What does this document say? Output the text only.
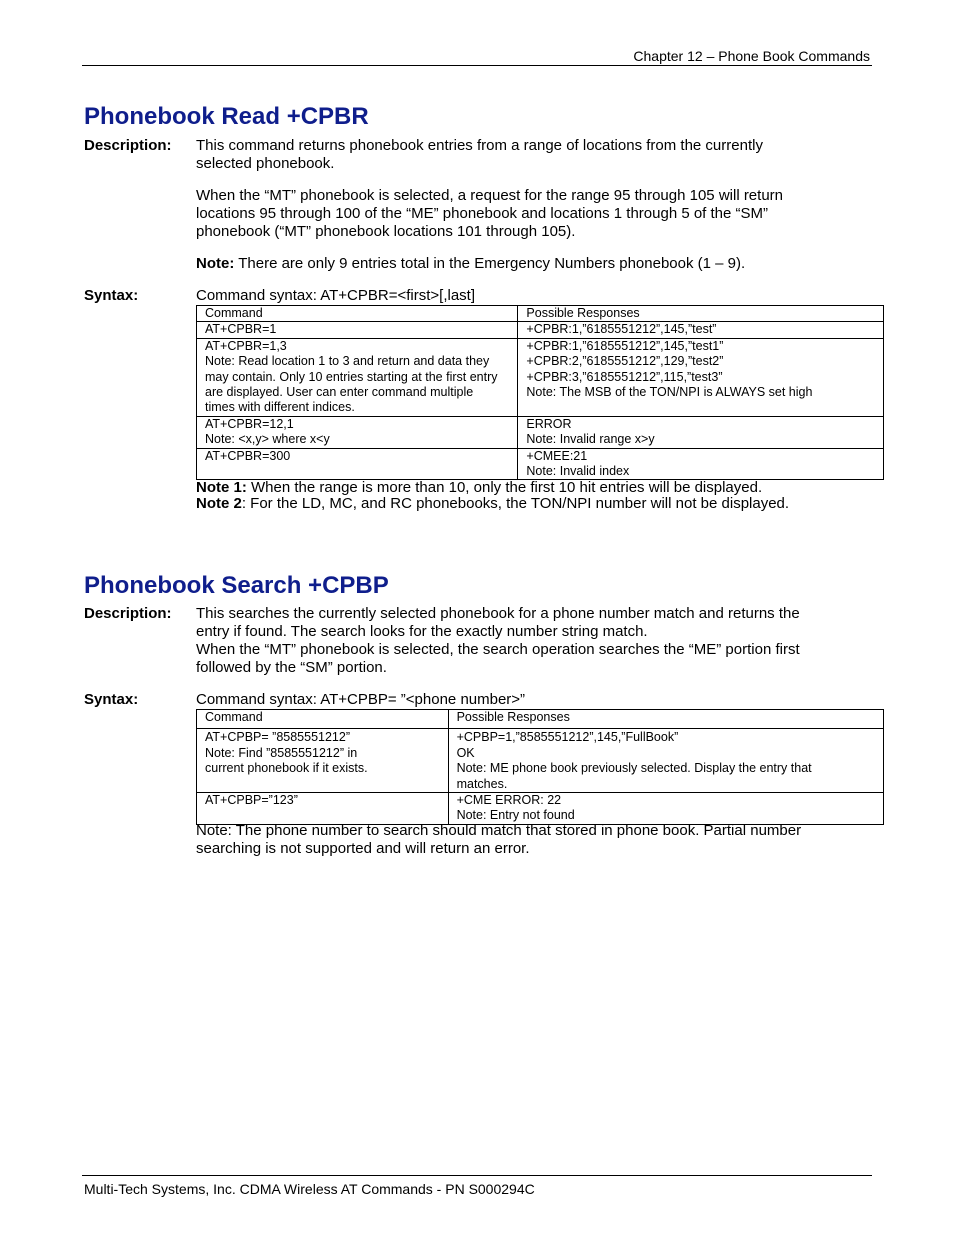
Chapter 12 – Phone Book Commands
Phonebook Read +CPBR
Description: This command returns phonebook entries from a range of locations from the currently
selected phonebook.

When the “MT” phonebook is selected, a request for the range 95 through 105 will return
locations 95 through 100 of the “ME” phonebook and locations 1 through 5 of the “SM”
phonebook (“MT” phonebook locations 101 through 105).

Note: There are only 9 entries total in the Emergency Numbers phonebook (1 – 9).

Syntax:	Command syntax: AT+CPBR=<first>[,last]

Command	Possible Responses

AT+CPBR=1	+CPBR:1,”6185551212”,145,”test”

AT+CPBR=1,3
Note: Read location 1 to 3 and return and data they
may contain. Only 10 entries starting at the first entry
are displayed. User can enter command multiple
times with different indices.	+CPBR:1,”6185551212”,145,”test1”
+CPBR:2,”6185551212”,129,”test2”
+CPBR:3,”6185551212”,115,”test3”
Note: The MSB of the TON/NPI is ALWAYS set high

AT+CPBR=12,1
Note: <x,y> where x<y	ERROR
Note: Invalid range x>y

AT+CPBR=300	+CMEE:21
Note: Invalid index

Note 1: When the range is more than 10, only the first 10 hit entries will be displayed.

Note 2: For the LD, MC, and RC phonebooks, the TON/NPI number will not be displayed.

Phonebook Search +CPBP
Description: This searches the currently selected phonebook for a phone number match and returns the
entry if found. The search looks for the exactly number string match.
When the “MT” phonebook is selected, the search operation searches the “ME” portion first
followed by the “SM” portion.

Syntax:	Command syntax: AT+CPBP= ”<phone number>”

Command	Possible Responses

AT+CPBP= ”8585551212”
Note: Find ”8585551212” in
current phonebook if it exists.	+CPBP=1,”8585551212”,145,”FullBook”
OK
Note: ME phone book previously selected. Display the entry that
matches.

AT+CPBP=”123”	+CME ERROR: 22
Note: Entry not found

Note: The phone number to search should match that stored in phone book. Partial number
searching is not supported and will return an error.

Multi-Tech Systems, Inc. CDMA Wireless AT Commands - PN S000294C
